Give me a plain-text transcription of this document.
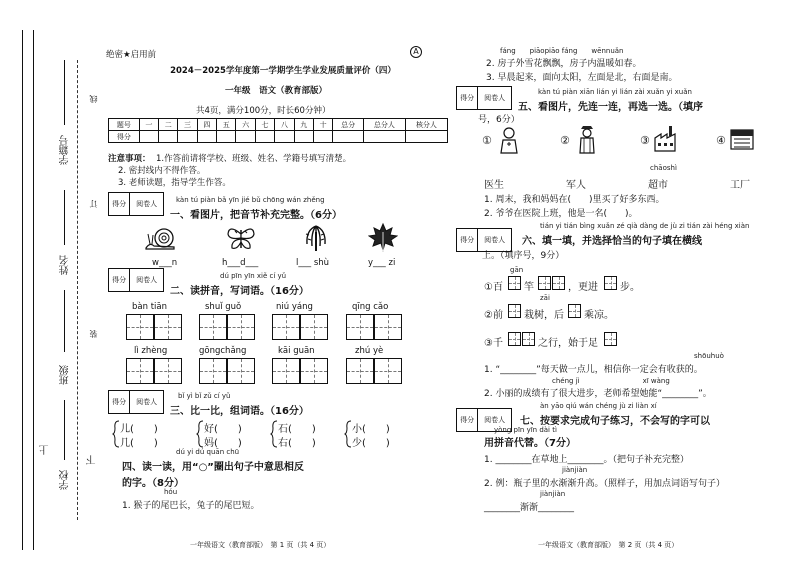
学校
班级
姓名
学籍号
上
下
装
订
线
绝密★启用前	A
2024－2025学年度第一学期学生学业发展质量评价（四）
一年级　语文（教育部版）
共4页，满分100分，时长60分钟）
题号	一	二	三	四	五	六	七	八	九	十	总分	总分人	核分人
得分													
注意事项： 1.作答前请将学校、班级、姓名、学籍号填写清楚。
2. 密封线内不得作答。
3. 老师读题，指导学生作答。
得分	阅卷人	kàn tú piàn bǎ yīn jié bǔ chōng wán zhěng
一、看图片，把音节补充完整。（6分）
w___n	h___d___	l___ shù	y___ zi
得分	阅卷人	dú pīn yīn xiě cí yǔ
二、读拼音，写词语。（16分）
bàn tiān	shuǐ guǒ	niú yáng	qīng cǎo
lì zhèng	gōngchǎng	kāi guān	zhú yè
得分	阅卷人
bǐ yì bǐ zǔ cí yǔ
三、比一比，组词语。（16分）
儿(　　)
几(　　)
好(　　)
妈(　　)
石(　　)
右(　　)
小(　　)
少(　　)
dú yi dú quān chū
四、读一读，用“○”圈出句子中意思相反
的字。（8分）
hóu
1. 猴子的尾巴长，兔子的尾巴短。
一年级语文（教育部版）　第 1 页（共 4 页）
fáng　　piāopiāo fáng　　wēnnuǎn
2. 房子外雪花飘飘，房子内温暖如春。
3. 早晨起来，面向太阳，左面是北，右面是南。
得分	阅卷人
kàn tú piàn xiān lián yi lián zài xuǎn yi xuǎn
五、看图片，先连一连，再选一选。（填序
号，6分）
①	②	③	④
chāoshì
医生	军人	超市	工厂
1. 周末，我和妈妈在(　　)里买了好多东西。
2. 爷爷在医院上班，他是一名(　　)。
得分	阅卷人
tián yi tián bìng xuǎn zé qià dàng de jù zi tián zài héng xiàn
六、填一填，并选择恰当的句子填在横线
上。（填序号，9分）
gān
①百 竿	，更进 步。
zāi
②前 栽树，后 乘凉。
③千	之行，始于足
shōuhuò
1. “________”每天做一点儿，相信你一定会有收获的。
chéng jì　　　　　　　　　xī wàng
2. 小丽的成绩有了很大进步，老师希望她能“________”。
得分	阅卷人
àn yāo qiú wán chéng jù zi liàn xí
七、按要求完成句子练习，不会写的字可以
yòng pīn yīn dài tì
用拼音代替。（7分）
1. ________在草地上________。（把句子补充完整）
jiànjiàn
2. 例：瓶子里的水渐渐升高。（照样子，用加点词语写句子）
jiànjiàn
________渐渐________
一年级语文（教育部版）　第 2 页（共 4 页）
